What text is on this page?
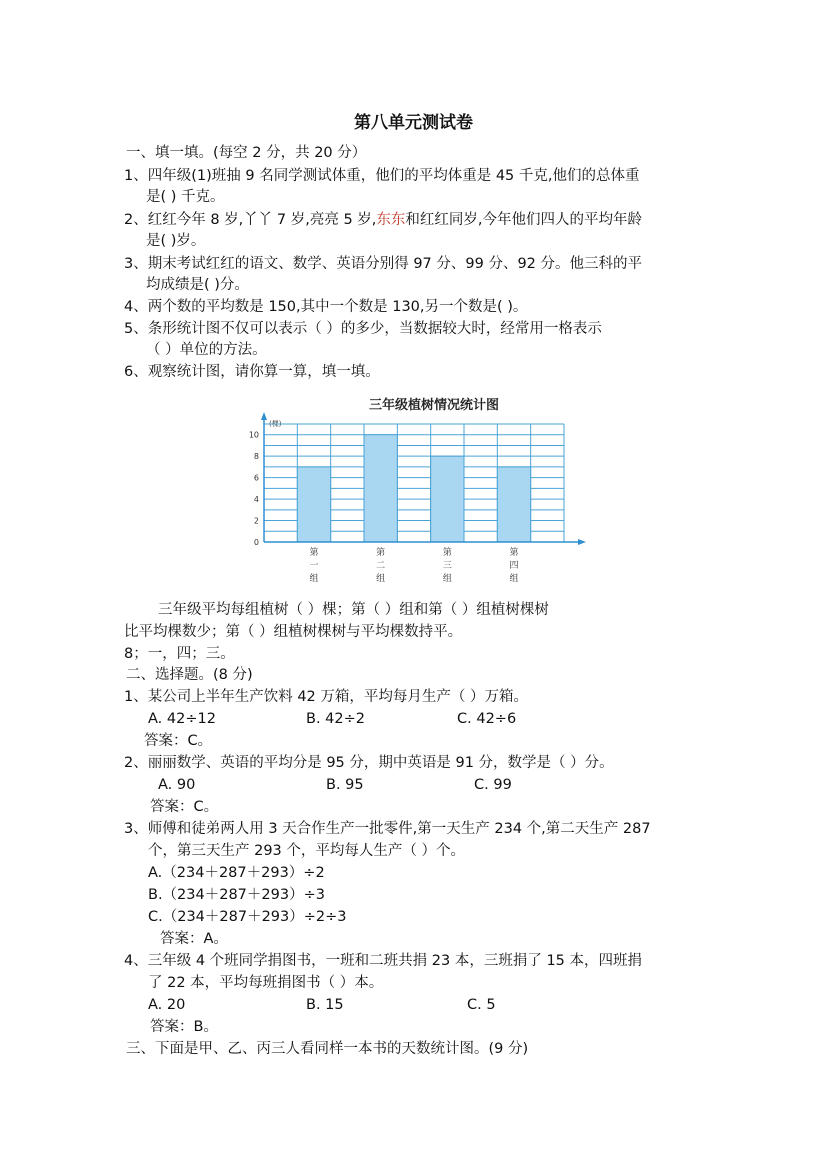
第八单元测试卷
一、填一填。(每空 2 分，共 20 分）
1、四年级(1)班抽 9 名同学测试体重，他们的平均体重是 45 千克,他们的总体重
是( ) 千克。
2、红红今年 8 岁,丫丫 7 岁,亮亮 5 岁,东东和红红同岁,今年他们四人的平均年龄
是( )岁。
3、期末考试红红的语文、数学、英语分别得 97 分、99 分、92 分。他三科的平
均成绩是( )分。
4、两个数的平均数是 150,其中一个数是 130,另一个数是( )。
5、条形统计图不仅可以表示（ ）的多少，当数据较大时，经常用一格表示
（ ）单位的方法。
6、观察统计图，请你算一算，填一填。
三年级植树情况统计图
(棵)
0
2
4
6
8
10
第
一
组
第
二
组
第
三
组
第
四
组
三年级平均每组植树（ ）棵；第（ ）组和第（ ）组植树棵树
比平均棵数少；第（ ）组植树棵树与平均棵数持平。
8；一，四；三。
二、选择题。(8 分)
1、某公司上半年生产饮料 42 万箱，平均每月生产（ ）万箱。
A. 42÷12	B. 42÷2	C. 42÷6
答案：C。
2、丽丽数学、英语的平均分是 95 分，期中英语是 91 分，数学是（ ）分。
A. 90	B. 95	C. 99
答案：C。
3、师傅和徒弟两人用 3 天合作生产一批零件,第一天生产 234 个,第二天生产 287
个，第三天生产 293 个，平均每人生产（ ）个。
A.（234＋287＋293）÷2
B.（234＋287＋293）÷3
C.（234＋287＋293）÷2÷3
答案：A。
4、三年级 4 个班同学捐图书，一班和二班共捐 23 本，三班捐了 15 本，四班捐
了 22 本，平均每班捐图书（ ）本。
A. 20	B. 15	C. 5
答案：B。
三、下面是甲、乙、丙三人看同样一本书的天数统计图。(9 分)
